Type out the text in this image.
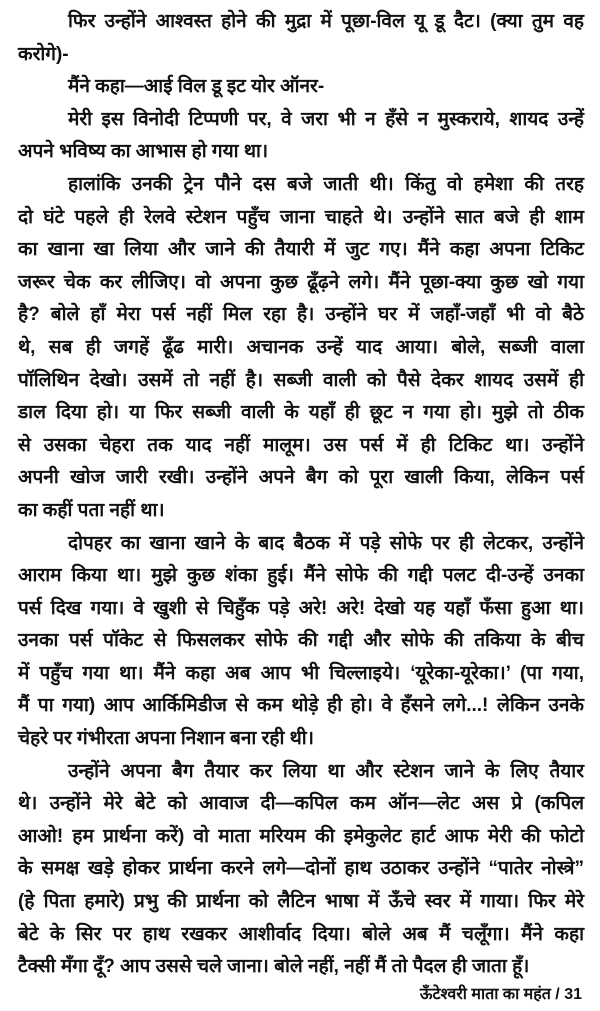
फिर उन्होंने आश्वस्त होने की मुद्रा में पूछा-विल यू डू दैट। (क्या तुम वह
करोगे)-
मैंने कहा—आई विल डू इट योर ऑनर-
मेरी इस विनोदी टिप्पणी पर, वे जरा भी न हँसे न मुस्कराये, शायद उन्हें
अपने भविष्य का आभास हो गया था।
हालांकि उनकी ट्रेन पौने दस बजे जाती थी। किंतु वो हमेशा की तरह
दो घंटे पहले ही रेलवे स्टेशन पहुँच जाना चाहते थे। उन्होंने सात बजे ही शाम
का खाना खा लिया और जाने की तैयारी में जुट गए। मैंने कहा अपना टिकिट
जरूर चेक कर लीजिए। वो अपना कुछ ढूँढ़ने लगे। मैंने पूछा-क्या कुछ खो गया
है? बोले हाँ मेरा पर्स नहीं मिल रहा है। उन्होंने घर में जहाँ-जहाँ भी वो बैठे
थे, सब ही जगहें ढूँढ मारी। अचानक उन्हें याद आया। बोले, सब्जी वाला
पॉलिथिन देखो। उसमें तो नहीं है। सब्जी वाली को पैसे देकर शायद उसमें ही
डाल दिया हो। या फिर सब्जी वाली के यहाँ ही छूट न गया हो। मुझे तो ठीक
से उसका चेहरा तक याद नहीं मालूम। उस पर्स में ही टिकिट था। उन्होंने
अपनी खोज जारी रखी। उन्होंने अपने बैग को पूरा खाली किया, लेकिन पर्स
का कहीं पता नहीं था।
दोपहर का खाना खाने के बाद बैठक में पड़े सोफे पर ही लेटकर, उन्होंने
आराम किया था। मुझे कुछ शंका हुई। मैंने सोफे की गद्दी पलट दी-उन्हें उनका
पर्स दिख गया। वे खुशी से चिहुँक पड़े अरे! अरे! देखो यह यहाँ फँसा हुआ था।
उनका पर्स पॉकेट से फिसलकर सोफे की गद्दी और सोफे की तकिया के बीच
में पहुँच गया था। मैंने कहा अब आप भी चिल्लाइये। ‘यूरेका-यूरेका।’ (पा गया,
मैं पा गया) आप आर्किमिडीज से कम थोड़े ही हो। वे हँसने लगे...! लेकिन उनके
चेहरे पर गंभीरता अपना निशान बना रही थी।
उन्होंने अपना बैग तैयार कर लिया था और स्टेशन जाने के लिए तैयार
थे। उन्होंने मेरे बेटे को आवाज दी—कपिल कम ऑन—लेट अस प्रे (कपिल
आओ! हम प्रार्थना करें) वो माता मरियम की इमेकुलेट हार्ट आफ मेरी की फोटो
के समक्ष खड़े होकर प्रार्थना करने लगे—दोनों हाथ उठाकर उन्होंने “पातेर नोस्त्रे”
(हे पिता हमारे) प्रभु की प्रार्थना को लैटिन भाषा में ऊँचे स्वर में गाया। फिर मेरे
बेटे के सिर पर हाथ रखकर आशीर्वाद दिया। बोले अब मैं चलूँगा। मैंने कहा
टैक्सी मँगा दूँ? आप उससे चले जाना। बोले नहीं, नहीं मैं तो पैदल ही जाता हूँ।
ऊँटेश्वरी माता का महंत / 31
